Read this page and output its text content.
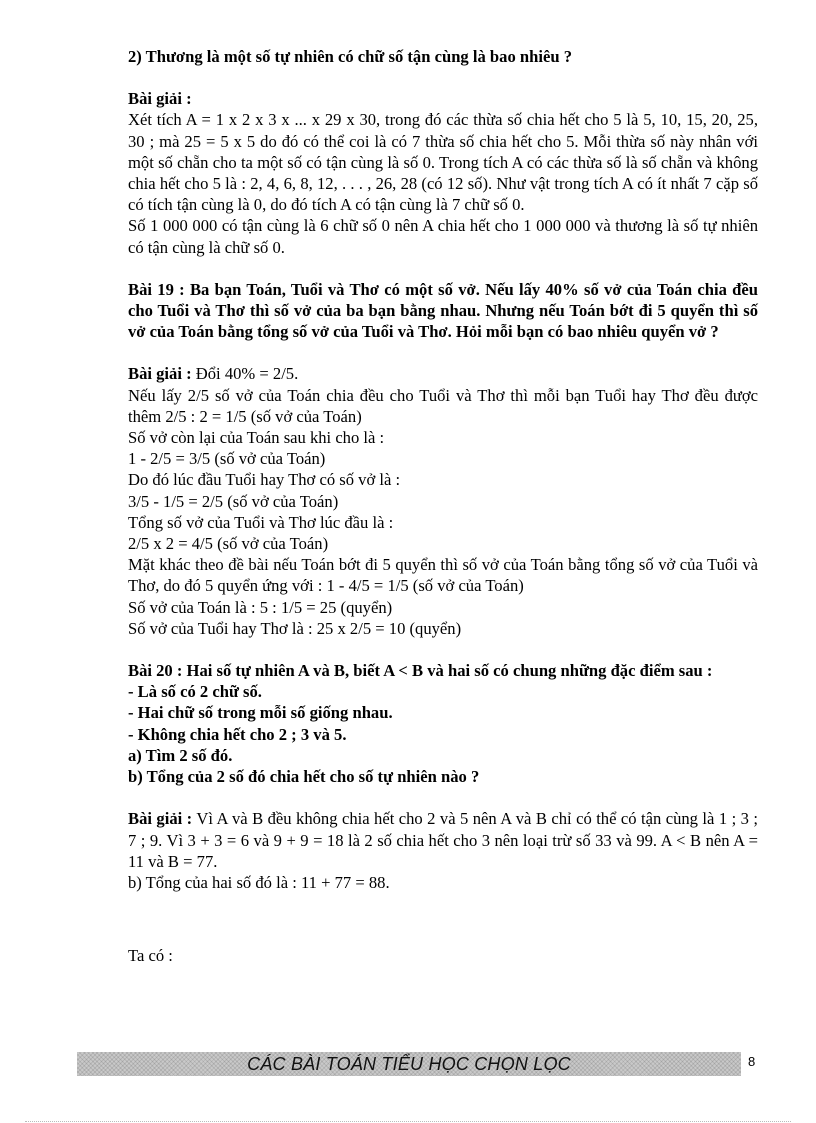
2) Thương là một số tự nhiên có chữ số tận cùng là bao nhiêu ?

Bài giải :

Xét tích A = 1 x 2 x 3 x ... x 29 x 30, trong đó các thừa số chia hết cho 5 là 5, 10, 15, 20, 25, 30 ; mà 25 = 5 x 5 do đó có thể coi là có 7 thừa số chia hết cho 5. Mỗi thừa số này nhân với một số chẵn cho ta một số có tận cùng là số 0. Trong tích A có các thừa số là số chẵn và không chia hết cho 5 là : 2, 4, 6, 8, 12, . . . , 26, 28 (có 12 số). Như vật trong tích A có ít nhất 7 cặp số có tích tận cùng là 0, do đó tích A có tận cùng là 7 chữ số 0.

Số 1 000 000 có tận cùng là 6 chữ số 0 nên A chia hết cho 1 000 000 và thương là số tự nhiên có tận cùng là chữ số 0.

Bài 19 : Ba bạn Toán, Tuổi và Thơ có một số vở. Nếu lấy 40% số vở của Toán chia đều cho Tuổi và Thơ thì số vở của ba bạn bằng nhau. Nhưng nếu Toán bớt đi 5 quyển thì số vở của Toán bằng tổng số vở của Tuổi và Thơ. Hỏi mỗi bạn có bao nhiêu quyển vở ?

Bài giải : Đổi 40% = 2/5.

Nếu lấy 2/5 số vở của Toán chia đều cho Tuổi và Thơ thì mỗi bạn Tuổi hay Thơ đều được thêm 2/5 : 2 = 1/5 (số vở của Toán)

Số vở còn lại của Toán sau khi cho là :

1 - 2/5 = 3/5 (số vở của Toán)

Do đó lúc đầu Tuổi hay Thơ có số vở là :

3/5 - 1/5 = 2/5 (số vở của Toán)

Tổng số vở của Tuổi và Thơ lúc đầu là :

2/5 x 2 = 4/5 (số vở của Toán)

Mặt khác theo đề bài nếu Toán bớt đi 5 quyển thì số vở của Toán bằng tổng số vở của Tuổi và Thơ, do đó 5 quyển ứng với : 1 - 4/5 = 1/5 (số vở của Toán)

Số vở của Toán là : 5 : 1/5 = 25 (quyển)

Số vở của Tuổi hay Thơ là : 25 x 2/5 = 10 (quyển)

Bài 20 : Hai số tự nhiên A và B, biết A < B và hai số có chung những đặc điểm sau :

- Là số có 2 chữ số.

- Hai chữ số trong mỗi số giống nhau.

- Không chia hết cho 2 ; 3 và 5.

a) Tìm 2 số đó.

b) Tổng của 2 số đó chia hết cho số tự nhiên nào ?

Bài giải : Vì A và B đều không chia hết cho 2 và 5 nên A và B chỉ có thể có tận cùng là 1 ; 3 ; 7 ; 9. Vì 3 + 3 = 6 và 9 + 9 = 18 là 2 số chia hết cho 3 nên loại trừ số 33 và 99. A < B nên A = 11 và B = 77.

b) Tổng của hai số đó là : 11 + 77 = 88.

Ta có :

CÁC BÀI TOÁN TIỂU HỌC CHỌN LỌC	8
